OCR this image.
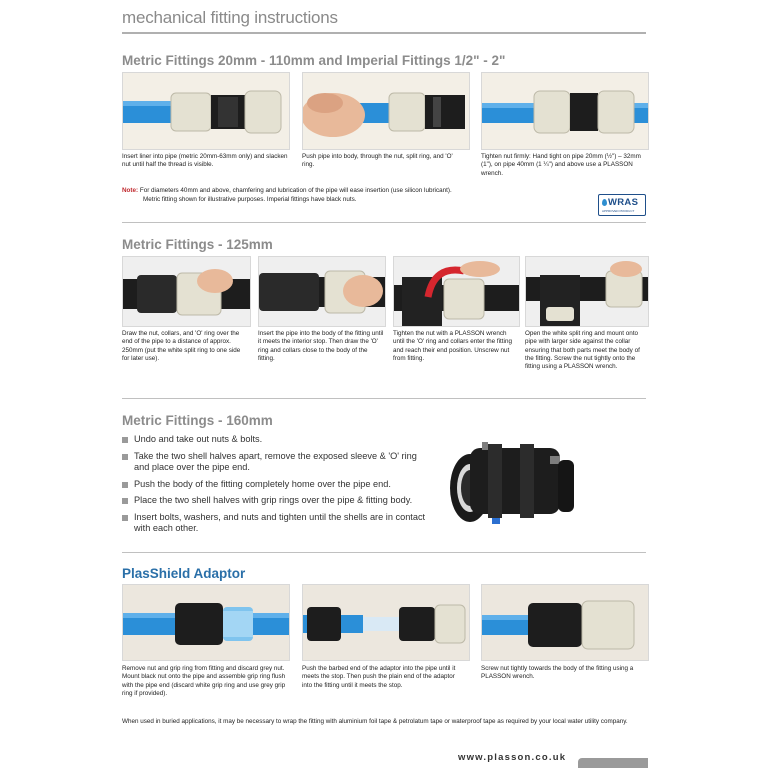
mechanical fitting instructions
Metric Fittings 20mm - 110mm and Imperial Fittings 1/2" - 2"
Insert liner into pipe (metric 20mm-63mm only) and slacken nut until half the thread is visible.
Push pipe into body, through the nut, split ring, and 'O' ring.
Tighten nut firmly: Hand tight on pipe 20mm (½") – 32mm (1"), on pipe 40mm (1 ¼") and above use a PLASSON wrench.
Note: For diameters 40mm and above, chamfering and lubrication of the pipe will ease insertion (use silicon lubricant).
Metric fitting shown for illustrative purposes. Imperial fittings have black nuts.	WRAS
APPROVED PRODUCT
Metric Fittings - 125mm
Draw the nut, collars, and 'O' ring over the end of the pipe to a distance of approx. 250mm (put the white split ring to one side for later use).
Insert the pipe into the body of the fitting until it meets the interior stop. Then draw the 'O' ring and collars close to the body of the fitting.
Tighten the nut with a PLASSON wrench until the 'O' ring and collars enter the fitting and reach their end position. Unscrew nut from fitting.
Open the white split ring and mount onto pipe with larger side against the collar ensuring that both parts meet the body of the fitting. Screw the nut tightly onto the fitting using a PLASSON wrench.
Metric Fittings - 160mm
Undo and take out nuts & bolts.
Take the two shell halves apart, remove the exposed sleeve & 'O' ring and place over the pipe end.
Push the body of the fitting completely home over the pipe end.
Place the two shell halves with grip rings over the pipe & fitting body.
Insert bolts, washers, and nuts and tighten until the shells are in contact with each other.
PlasShield Adaptor
Remove nut and grip ring from fitting and discard grey nut. Mount black nut onto the pipe and assemble grip ring flush with the pipe end (discard white grip ring and use grey grip ring if provided).
Push the barbed end of the adaptor into the pipe until it meets the stop. Then push the plain end of the adaptor into the fitting until it meets the stop.
Screw nut tightly towards the body of the fitting using a PLASSON wrench.
When used in buried applications, it may be necessary to wrap the fitting with aluminium foil tape & petrolatum tape or waterproof tape as required by your local water utility company.
www.plasson.co.uk
